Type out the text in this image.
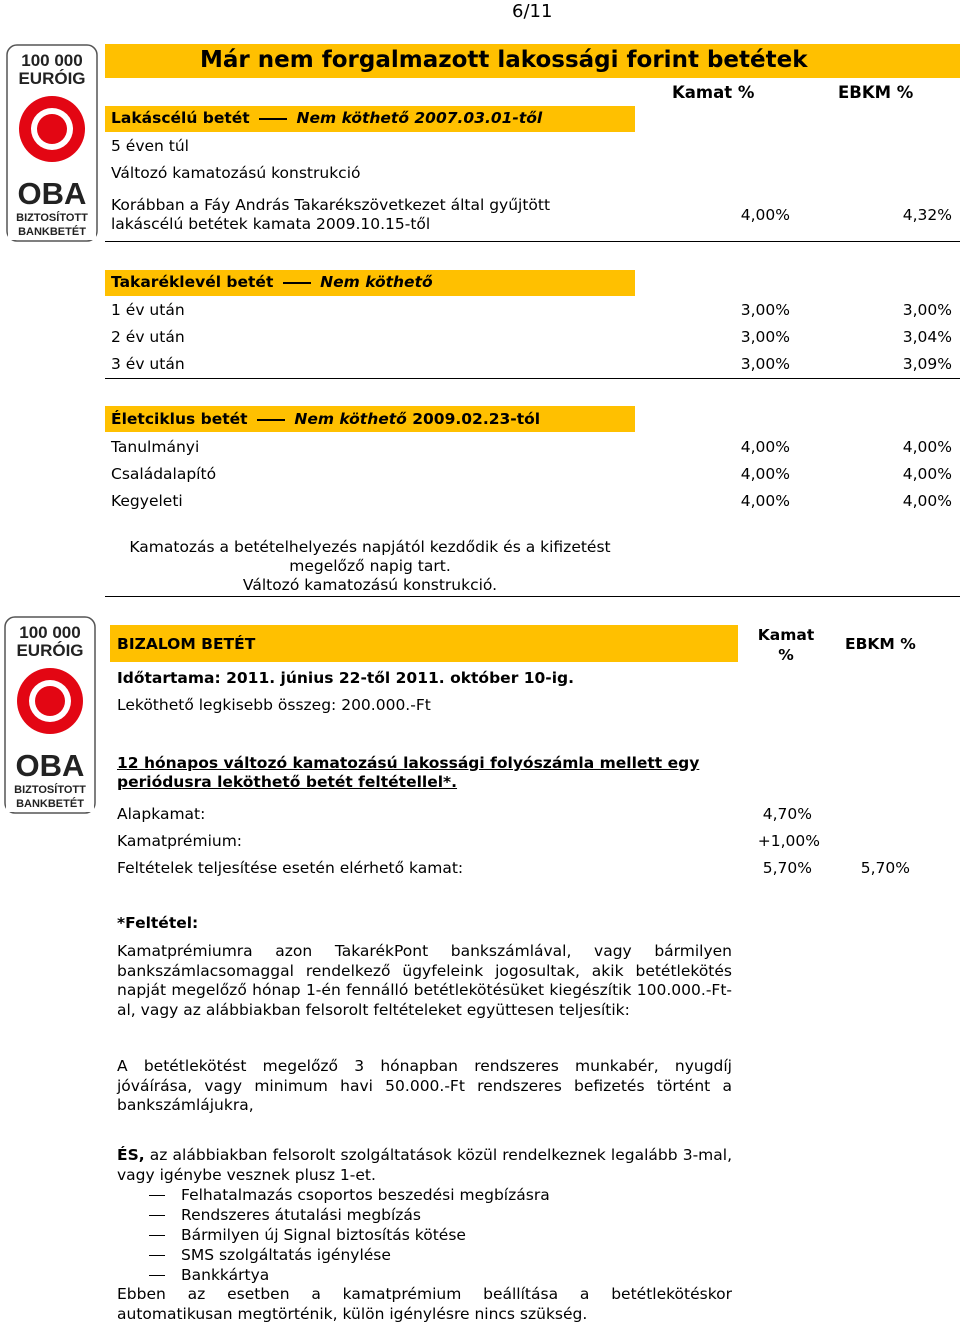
6/11
100 000
EURÓIG
OBA
BIZTOSÍTOTT
BANKBETÉT
Már nem forgalmazott lakossági forint betétek
Kamat %	EBKM %
Lakáscélú betét	Nem köthető 2007.03.01-től
5 éven túl
Változó kamatozású konstrukció
Korábban a Fáy András Takarékszövetkezet által gyűjtött
lakáscélú betétek kamata 2009.10.15-től	4,00%	4,32%
Takaréklevél betét	Nem köthető
1 év után	3,00%	3,00%
2 év után	3,00%	3,04%
3 év után	3,00%	3,09%
Életciklus betét	Nem köthető 2009.02.23-tól
Tanulmányi	4,00%	4,00%
Családalapító	4,00%	4,00%
Kegyeleti	4,00%	4,00%
Kamatozás a betételhelyezés napjától kezdődik és a kifizetést
megelőző napig tart.
Változó kamatozású konstrukció.
100 000
EURÓIG
OBA
BIZTOSÍTOTT
BANKBETÉT
BIZALOM BETÉT	Kamat
%
EBKM %
Időtartama: 2011. június 22-től 2011. október 10-ig.
Leköthető legkisebb összeg: 200.000.-Ft
12 hónapos változó kamatozású lakossági folyószámla mellett egy
periódusra leköthető betét feltétellel*.
Alapkamat:	4,70%
Kamatprémium:	+1,00%
Feltételek teljesítése esetén elérhető kamat:	5,70%	5,70%
*Feltétel:
Kamatprémiumra azon TakarékPont bankszámlával, vagy bármilyen bankszámlacsomaggal rendelkező ügyfeleink jogosultak, akik betétlekötés napját megelőző hónap 1-én fennálló betétlekötésüket kiegészítik 100.000.-Ft-al, vagy az alábbiakban felsorolt feltételeket együttesen teljesítik:
A betétlekötést megelőző 3 hónapban rendszeres munkabér, nyugdíj jóváírása, vagy minimum havi 50.000.-Ft rendszeres befizetés történt a bankszámlájukra,
ÉS, az alábbiakban felsorolt szolgáltatások közül rendelkeznek legalább 3-mal, vagy igénybe vesznek plusz 1-et.
Felhatalmazás csoportos beszedési megbízásra
Rendszeres átutalási megbízás
Bármilyen új Signal biztosítás kötése
SMS szolgáltatás igénylése
Bankkártya
Ebben az esetben a kamatprémium beállítása a betétlekötéskor automatikusan megtörténik, külön igénylésre nincs szükség.
